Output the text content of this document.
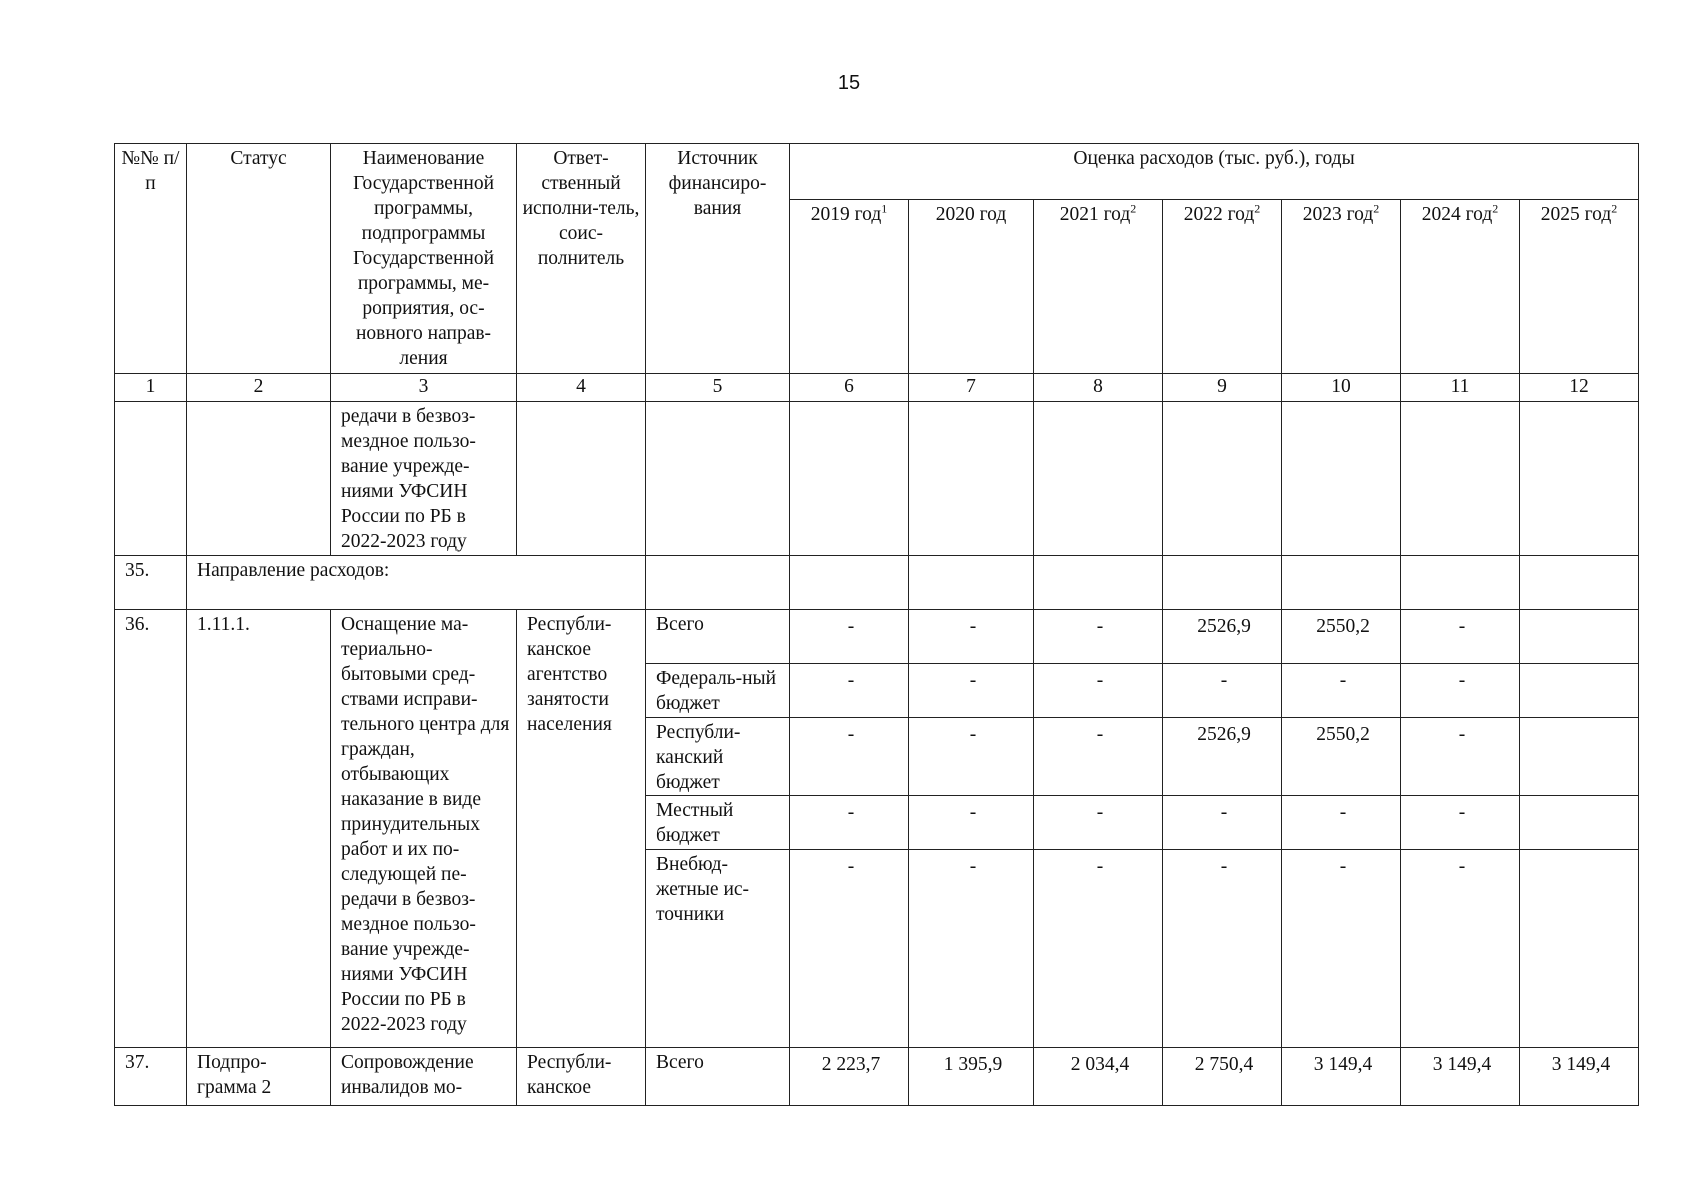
15
№№ п/п	Статус	Наименование Государственной программы, подпрограммы Государственной программы, ме-роприятия, ос-новного направ-ления	Ответ-ственный исполни-тель, соис-полнитель	Источник финансиро-вания	Оценка расходов (тыс. руб.), годы						
					2019 год$^1$	2020 год	2021 год$^2$	2022 год$^2$	2023 год$^2$	2024 год$^2$	2025 год$^2$
1	2	3	4	5	6	7	8	9	10	11	12
		редачи в безвоз-мездное пользо-вание учрежде-ниями УФСИН России по РБ в 2022-2023 году									
35.	Направление расходов:										
36.	1.11.1.	Оснащение ма-териально-бытовыми сред-ствами исправи-тельного центра для граждан, отбывающих наказание в виде принудительных работ и их по-следующей пе-редачи в безвоз-мездное пользо-вание учрежде-ниями УФСИН России по РБ в 2022-2023 году	Республи-канское агентство занятости населения	Всего	-	-	-	2526,9	2550,2	-	
				Федераль-ный бюджет	-	-	-	-	-	-	
				Республи-канский бюджет	-	-	-	2526,9	2550,2	-	
				Местный бюджет	-	-	-	-	-	-	
				Внебюд-жетные ис-точники	-	-	-	-	-	-	
37.	Подпро-грамма 2	Сопровождение инвалидов мо-	Республи-канское	Всего	2 223,7	1 395,9	2 034,4	2 750,4	3 149,4	3 149,4	3 149,4
